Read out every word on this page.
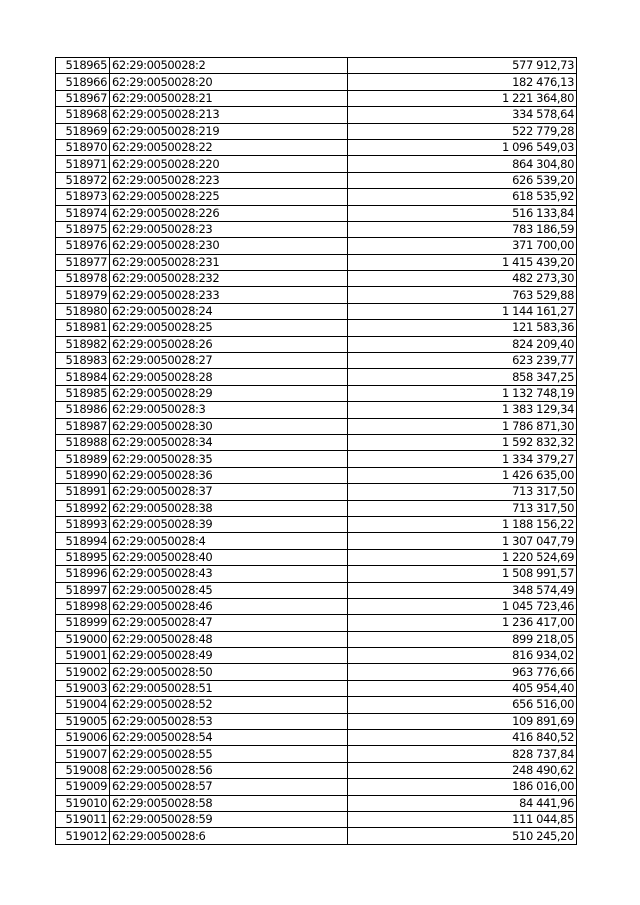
518965	62:29:0050028:2	577 912,73
518966	62:29:0050028:20	182 476,13
518967	62:29:0050028:21	1 221 364,80
518968	62:29:0050028:213	334 578,64
518969	62:29:0050028:219	522 779,28
518970	62:29:0050028:22	1 096 549,03
518971	62:29:0050028:220	864 304,80
518972	62:29:0050028:223	626 539,20
518973	62:29:0050028:225	618 535,92
518974	62:29:0050028:226	516 133,84
518975	62:29:0050028:23	783 186,59
518976	62:29:0050028:230	371 700,00
518977	62:29:0050028:231	1 415 439,20
518978	62:29:0050028:232	482 273,30
518979	62:29:0050028:233	763 529,88
518980	62:29:0050028:24	1 144 161,27
518981	62:29:0050028:25	121 583,36
518982	62:29:0050028:26	824 209,40
518983	62:29:0050028:27	623 239,77
518984	62:29:0050028:28	858 347,25
518985	62:29:0050028:29	1 132 748,19
518986	62:29:0050028:3	1 383 129,34
518987	62:29:0050028:30	1 786 871,30
518988	62:29:0050028:34	1 592 832,32
518989	62:29:0050028:35	1 334 379,27
518990	62:29:0050028:36	1 426 635,00
518991	62:29:0050028:37	713 317,50
518992	62:29:0050028:38	713 317,50
518993	62:29:0050028:39	1 188 156,22
518994	62:29:0050028:4	1 307 047,79
518995	62:29:0050028:40	1 220 524,69
518996	62:29:0050028:43	1 508 991,57
518997	62:29:0050028:45	348 574,49
518998	62:29:0050028:46	1 045 723,46
518999	62:29:0050028:47	1 236 417,00
519000	62:29:0050028:48	899 218,05
519001	62:29:0050028:49	816 934,02
519002	62:29:0050028:50	963 776,66
519003	62:29:0050028:51	405 954,40
519004	62:29:0050028:52	656 516,00
519005	62:29:0050028:53	109 891,69
519006	62:29:0050028:54	416 840,52
519007	62:29:0050028:55	828 737,84
519008	62:29:0050028:56	248 490,62
519009	62:29:0050028:57	186 016,00
519010	62:29:0050028:58	84 441,96
519011	62:29:0050028:59	111 044,85
519012	62:29:0050028:6	510 245,20
